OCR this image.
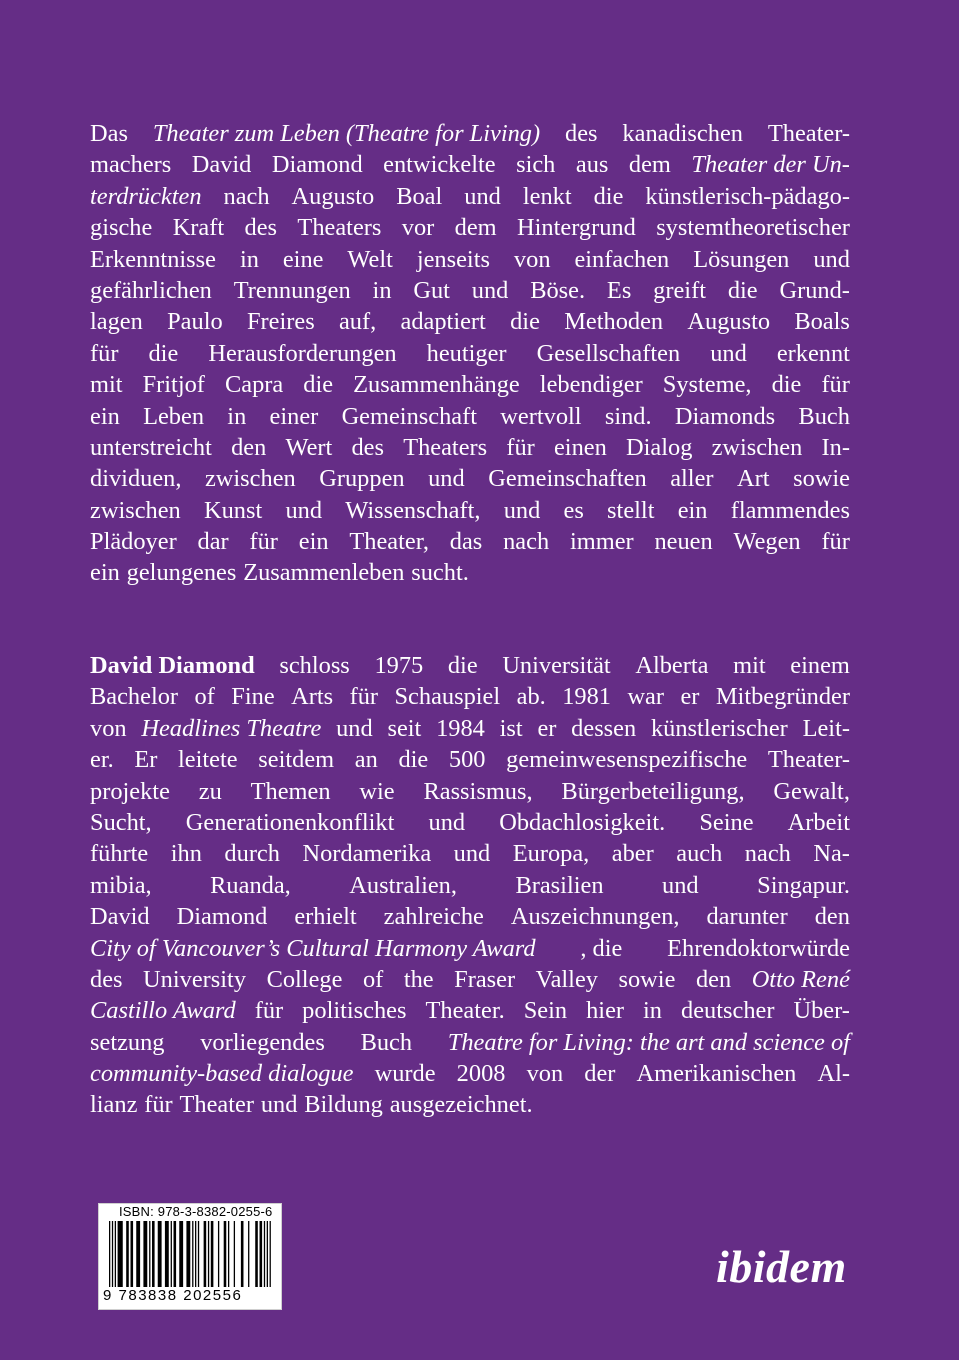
Das Theater zum Leben (Theatre for Living) des kanadischen Theater-
machers David Diamond entwickelte sich aus dem Theater der Un-
terdrückten nach Augusto Boal und lenkt die künstlerisch-pädago-
gische Kraft des Theaters vor dem Hintergrund systemtheoretischer
Erkenntnisse in eine Welt jenseits von einfachen Lösungen und
gefährlichen Trennungen in Gut und Böse. Es greift die Grund-
lagen Paulo Freires auf, adaptiert die Methoden Augusto Boals
für die Herausforderungen heutiger Gesellschaften und erkennt
mit Fritjof Capra die Zusammenhänge lebendiger Systeme, die für
ein Leben in einer Gemeinschaft wertvoll sind. Diamonds Buch
unterstreicht den Wert des Theaters für einen Dialog zwischen In-
dividuen, zwischen Gruppen und Gemeinschaften aller Art sowie
zwischen Kunst und Wissenschaft, und es stellt ein flammendes
Plädoyer dar für ein Theater, das nach immer neuen Wegen für
ein gelungenes Zusammenleben sucht.
David Diamond schloss 1975 die Universität Alberta mit einem
Bachelor of Fine Arts für Schauspiel ab. 1981 war er Mitbegründer
von Headlines Theatre und seit 1984 ist er dessen künstlerischer Leit-
er. Er leitete seitdem an die 500 gemeinwesenspezifische Theater-
projekte zu Themen wie Rassismus, Bürgerbeteiligung, Gewalt,
Sucht, Generationenkonflikt und Obdachlosigkeit. Seine Arbeit
führte ihn durch Nordamerika und Europa, aber auch nach Na-
mibia, Ruanda, Australien, Brasilien und Singapur.
David Diamond erhielt zahlreiche Auszeichnungen, darunter den
City of Vancouver’s Cultural Harmony Award , die Ehrendoktorwürde
des University College of the Fraser Valley sowie den Otto René
Castillo Award für politisches Theater. Sein hier in deutscher Über-
setzung vorliegendes Buch Theatre for Living: the art and science of
community-based dialogue wurde 2008 von der Amerikanischen Al-
lianz für Theater und Bildung ausgezeichnet.
ISBN: 978-3-8382-0255-6
9 783838 202556
ibidem
